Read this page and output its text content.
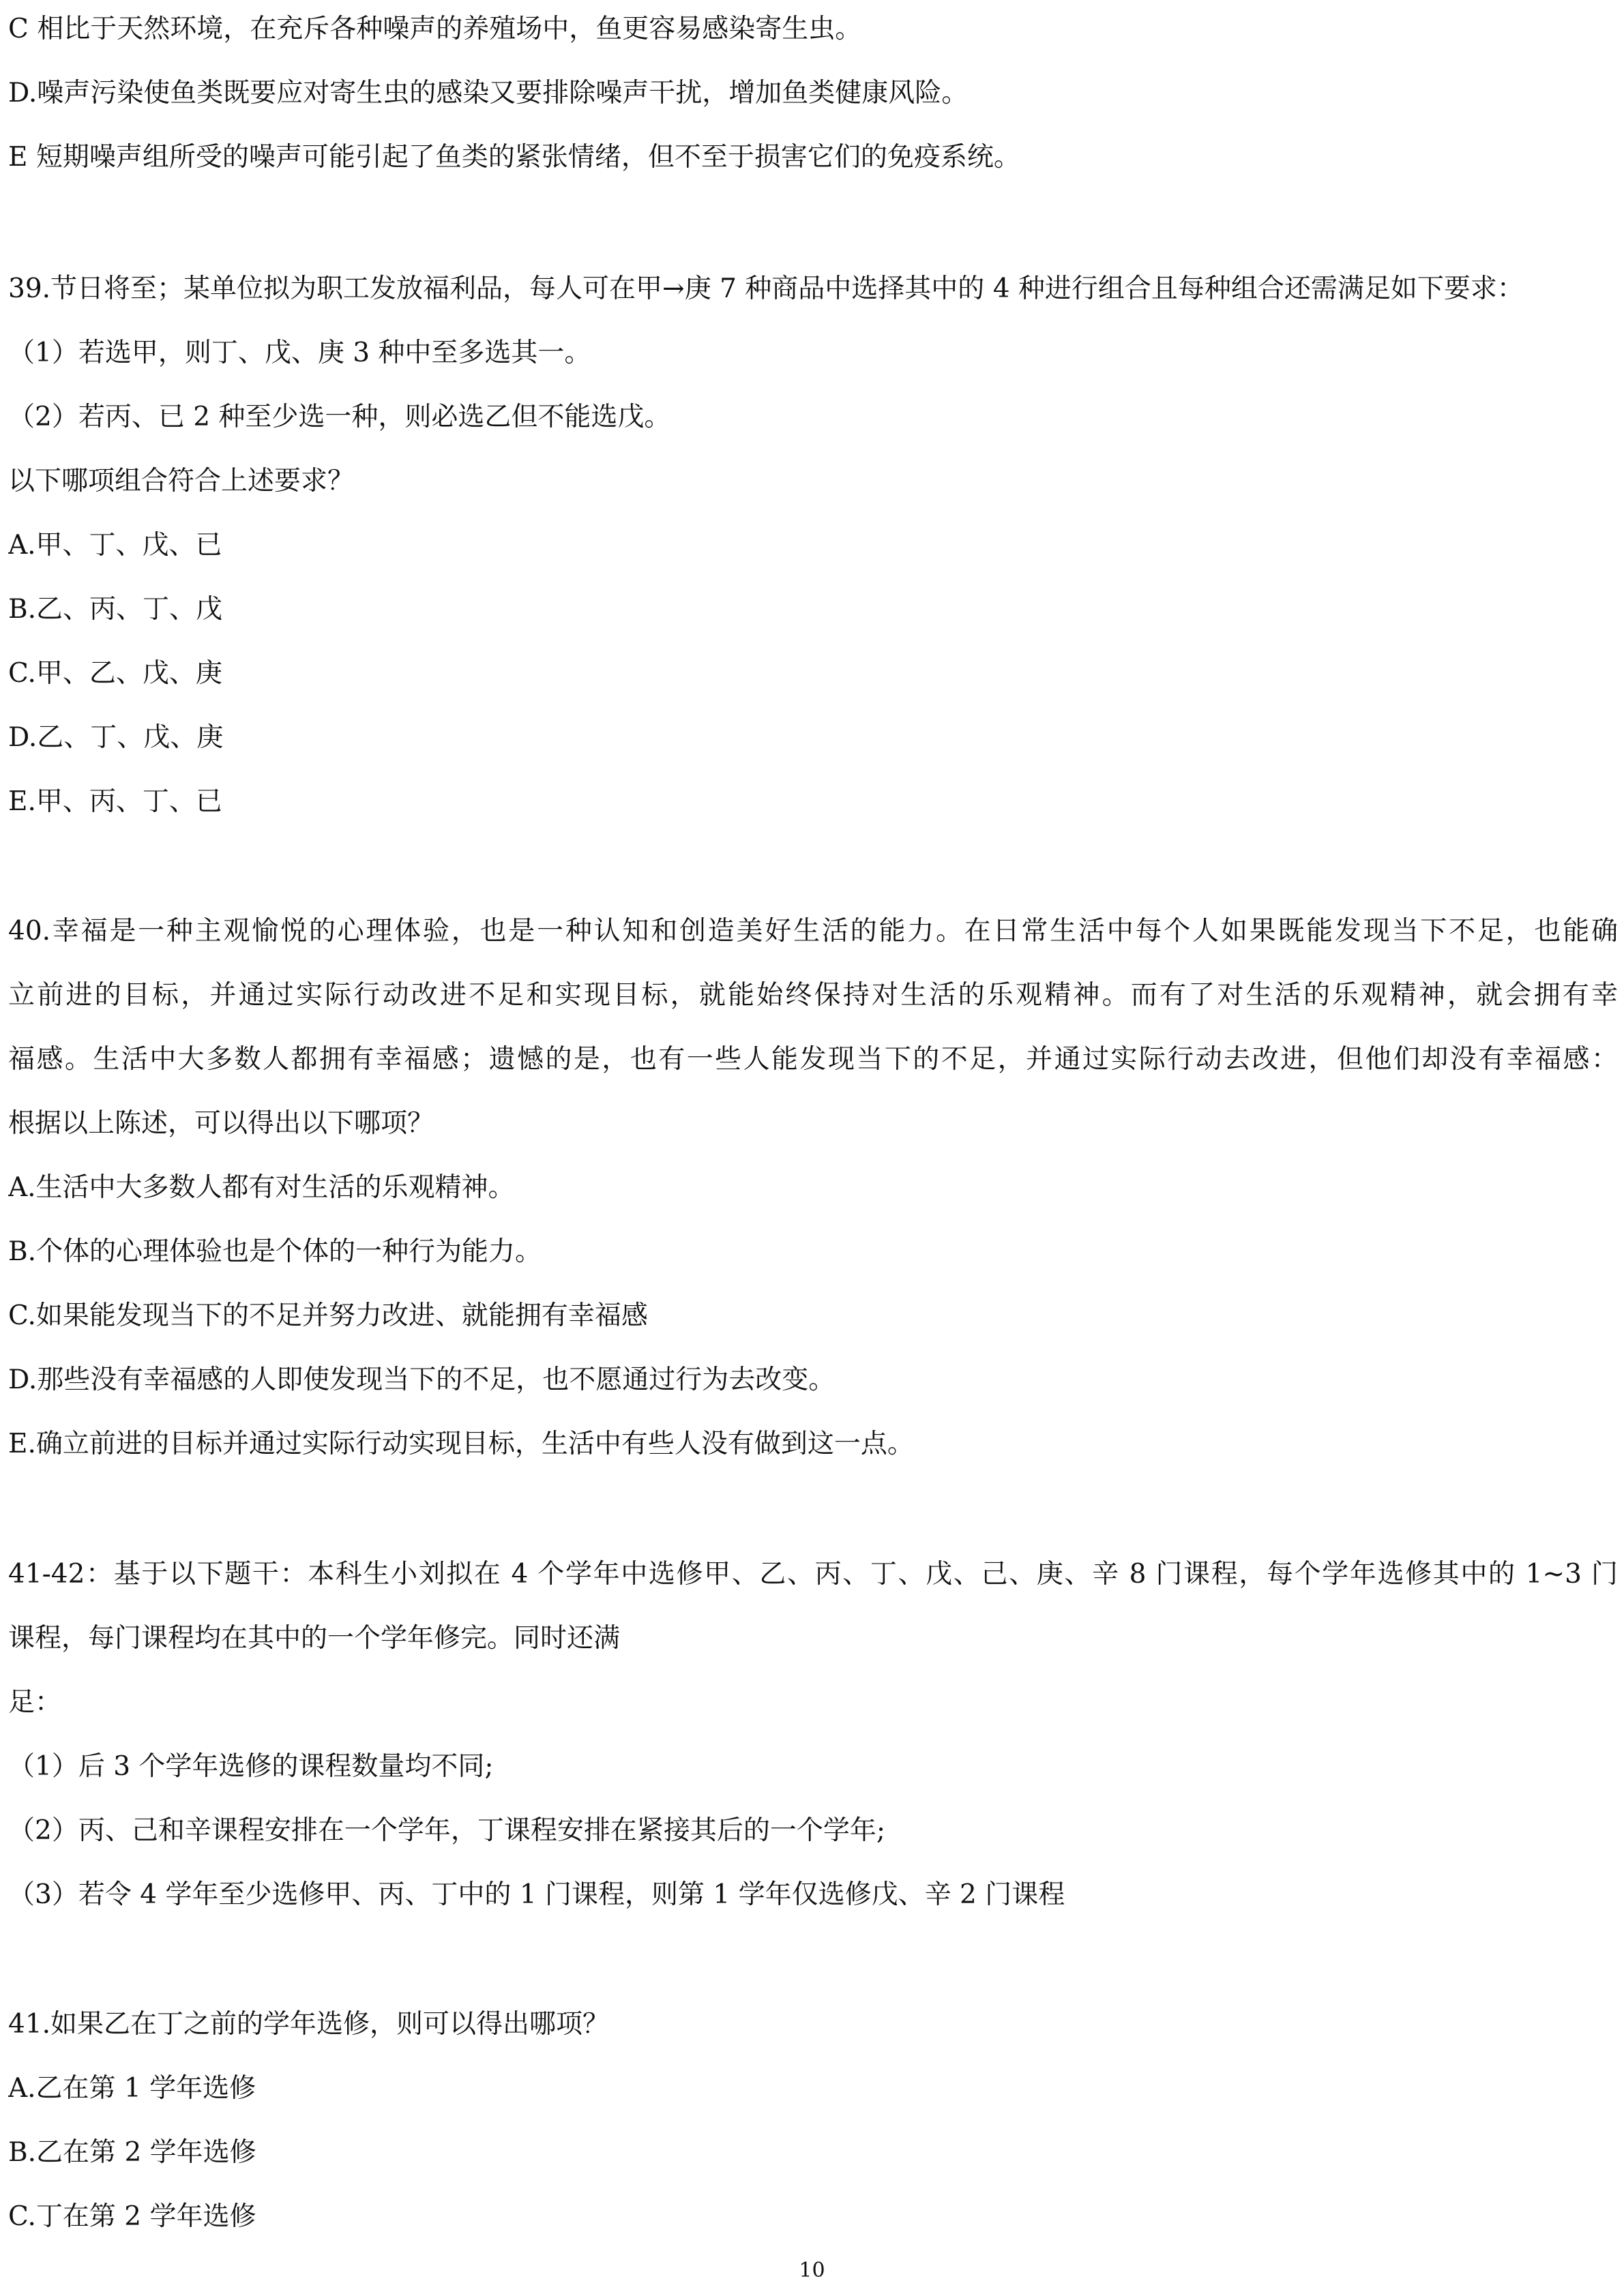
C 相比于天然环境，在充斥各种噪声的养殖场中，鱼更容易感染寄生虫。
D.噪声污染使鱼类既要应对寄生虫的感染又要排除噪声干扰，增加鱼类健康风险。
E 短期噪声组所受的噪声可能引起了鱼类的紧张情绪，但不至于损害它们的免疫系统。
39.节日将至；某单位拟为职工发放福利品，每人可在甲→庚 7 种商品中选择其中的 4 种进行组合且每种组合还需满足如下要求：
（1）若选甲，则丁、戊、庚 3 种中至多选其一。
（2）若丙、已 2 种至少选一种，则必选乙但不能选戊。
以下哪项组合符合上述要求？
A.甲、丁、戊、已
B.乙、丙、丁、戊
C.甲、乙、戊、庚
D.乙、丁、戊、庚
E.甲、丙、丁、已
40.幸福是一种主观愉悦的心理体验，也是一种认知和创造美好生活的能力。在日常生活中每个人如果既能发现当下不足，也能确
立前进的目标，并通过实际行动改进不足和实现目标，就能始终保持对生活的乐观精神。而有了对生活的乐观精神，就会拥有幸
福感。生活中大多数人都拥有幸福感；遗憾的是，也有一些人能发现当下的不足，并通过实际行动去改进，但他们却没有幸福感：
根据以上陈述，可以得出以下哪项？
A.生活中大多数人都有对生活的乐观精神。
B.个体的心理体验也是个体的一种行为能力。
C.如果能发现当下的不足并努力改进、就能拥有幸福感
D.那些没有幸福感的人即使发现当下的不足，也不愿通过行为去改变。
E.确立前进的目标并通过实际行动实现目标，生活中有些人没有做到这一点。
41-42：基于以下题干：本科生小刘拟在 4 个学年中选修甲、乙、丙、丁、戊、己、庚、辛 8 门课程，每个学年选修其中的 1~3 门
课程，每门课程均在其中的一个学年修完。同时还满
足：
（1）后 3 个学年选修的课程数量均不同;
（2）丙、己和辛课程安排在一个学年，丁课程安排在紧接其后的一个学年;
（3）若令 4 学年至少选修甲、丙、丁中的 1 门课程，则第 1 学年仅选修戊、辛 2 门课程
41.如果乙在丁之前的学年选修，则可以得出哪项？
A.乙在第 1 学年选修
B.乙在第 2 学年选修
C.丁在第 2 学年选修
10
